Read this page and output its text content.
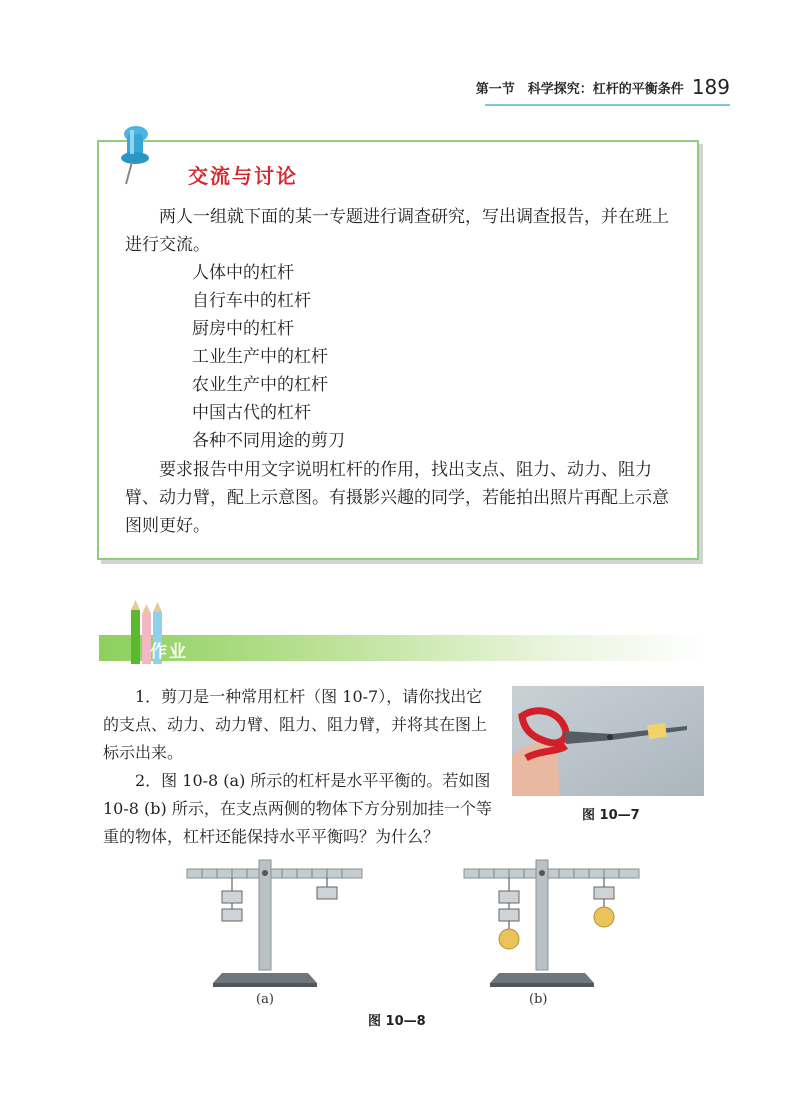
第一节　科学探究：杠杆的平衡条件 189
交流与讨论
两人一组就下面的某一专题进行调查研究，写出调查报告，并在班上进行交流。
人体中的杠杆
自行车中的杠杆
厨房中的杠杆
工业生产中的杠杆
农业生产中的杠杆
中国古代的杠杆
各种不同用途的剪刀
要求报告中用文字说明杠杆的作用，找出支点、阻力、动力、阻力臂、动力臂，配上示意图。有摄影兴趣的同学，若能拍出照片再配上示意图则更好。
作业
1．剪刀是一种常用杠杆（图 10-7），请你找出它的支点、动力、动力臂、阻力、阻力臂，并将其在图上标示出来。
2．图 10-8 (a) 所示的杠杆是水平平衡的。若如图 10-8 (b) 所示，在支点两侧的物体下方分别加挂一个等重的物体，杠杆还能保持水平平衡吗？为什么？
图 10—7
(a)	(b)
图 10—8
